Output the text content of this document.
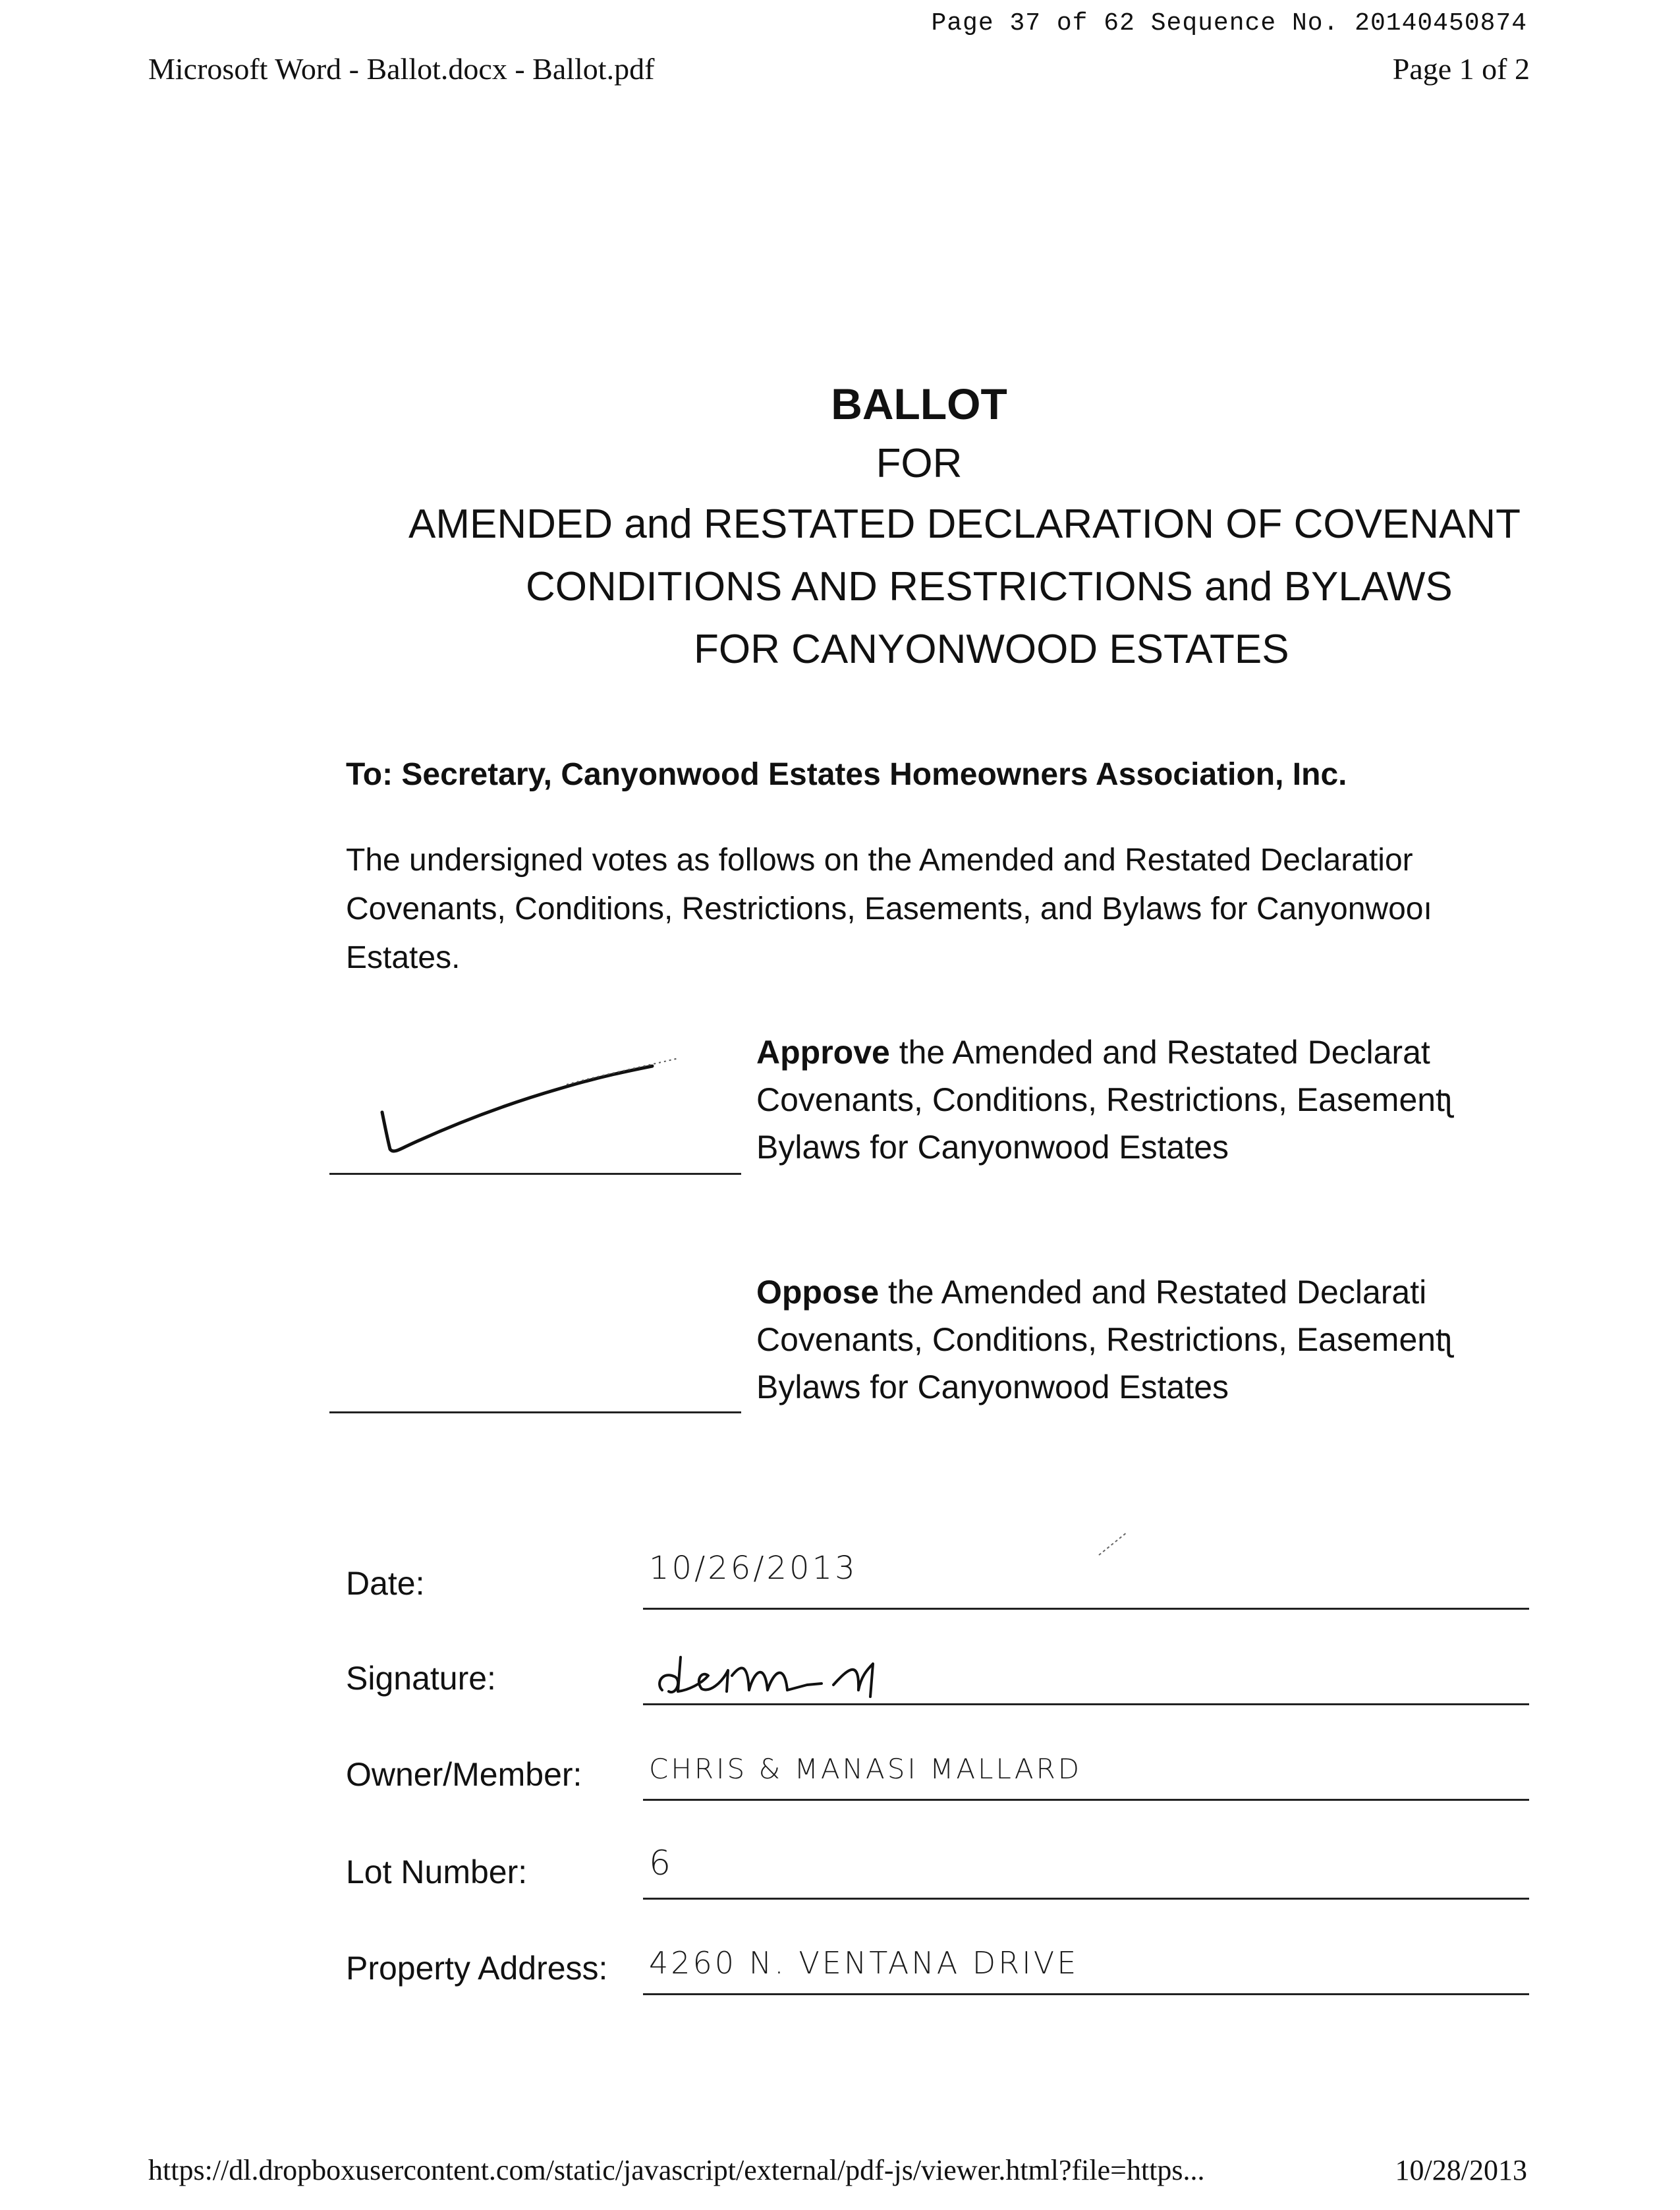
Page 37 of 62 Sequence No. 20140450874
Microsoft Word - Ballot.docx - Ballot.pdf	Page 1 of 2
BALLOT
FOR
AMENDED and RESTATED DECLARATION OF COVENANT
CONDITIONS AND RESTRICTIONS and BYLAWS
FOR CANYONWOOD ESTATES
To: Secretary, Canyonwood Estates Homeowners Association, Inc.
The undersigned votes as follows on the Amended and Restated Declaratior
Covenants, Conditions, Restrictions, Easements, and Bylaws for Canyonwooı
Estates.
Approve the Amended and Restated Declarat
Covenants, Conditions, Restrictions, Easementʅ
Bylaws for Canyonwood Estates
Oppose the Amended and Restated Declarati
Covenants, Conditions, Restrictions, Easementʅ
Bylaws for Canyonwood Estates
Date:	10/26/2013
Signature:
Owner/Member: CHRIS & MANASI MALLARD
Lot Number:	6
Property Address: 4260 N. VENTANA DRIVE
https://dl.dropboxusercontent.com/static/javascript/external/pdf-js/viewer.html?file=https...	10/28/2013
